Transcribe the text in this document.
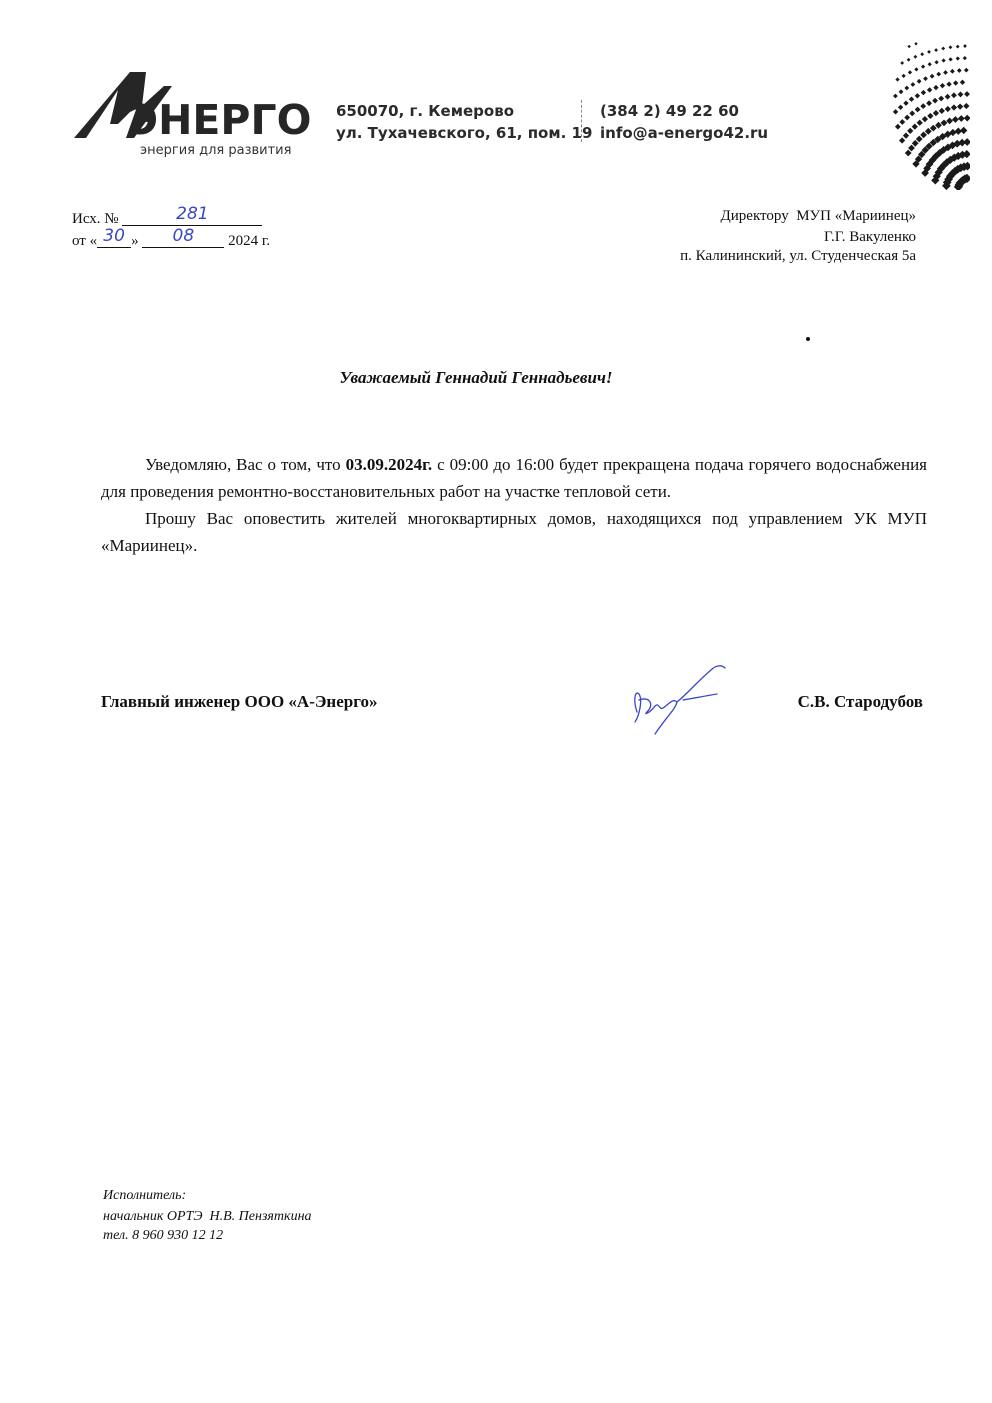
ЭНЕРГО
энергия для развития
650070, г. Кемерово
ул. Тухачевского, 61, пом. 19
(384 2) 49 22 60
info@a-energo42.ru
Исх. №	281
от « 30 » 08 2024 г.
Директору  МУП «Мариинец»
Г.Г. Вакуленко
п. Калининский, ул. Студенческая 5а
Уважаемый Геннадий Геннадьевич!

Уведомляю, Вас о том, что 03.09.2024г. с 09:00 до 16:00 будет прекращена подача горячего водоснабжения для проведения ремонтно-восстановительных работ на участке тепловой сети.

Прошу Вас оповестить жителей многоквартирных домов, находящихся под управлением УК МУП «Мариинец».

Главный инженер ООО «А-Энерго»	С.В. Стародубов
Исполнитель:
начальник ОРТЭ  Н.В. Пензяткина
тел. 8 960 930 12 12
